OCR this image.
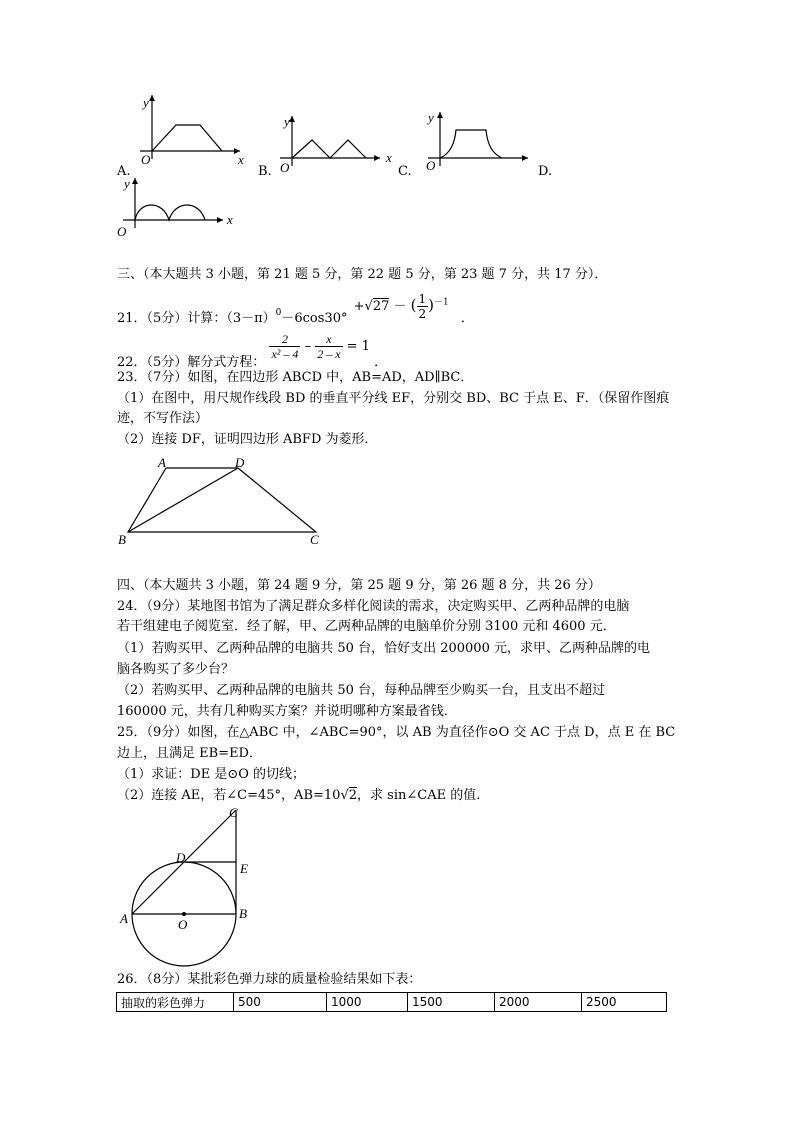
y
O	x
A.
y
O
x
B.
y
O
C.	D.
y
O
x
三、（本大题共 3 小题，第 21 题 5 分，第 22 题 5 分，第 23 题 7 分，共 17 分）．
21．（5分）计算：$(3-\pi)^0-6\cos 30^\circ +√27$ － ( $\frac{1}{2} )^{-1}$ ．
22．（5分）解分式方程：
$\frac{2}{\text{x² – 4}} - \frac{x}{2 - x} = 1$ ．
23．（7分）如图，在四边形 ABCD 中，AB=AD，AD∥BC．
（1）在图中，用尺规作线段 BD 的垂直平分线 EF，分别交 BD、BC 于点 E、F．（保留作图痕
迹，不写作法）
（2）连接 DF，证明四边形 ABFD 为菱形．
A	D
B	C
四、（本大题共 3 小题，第 24 题 9 分，第 25 题 9 分，第 26 题 8 分，共 26 分）
24．（9分）某地图书馆为了满足群众多样化阅读的需求，决定购买甲、乙两种品牌的电脑
若干组建电子阅览室．经了解，甲、乙两种品牌的电脑单价分别 3100 元和 4600 元．
（1）若购买甲、乙两种品牌的电脑共 50 台，恰好支出 200000 元，求甲、乙两种品牌的电
脑各购买了多少台？
（2）若购买甲、乙两种品牌的电脑共 50 台，每种品牌至少购买一台，且支出不超过
160000 元，共有几种购买方案？并说明哪种方案最省钱．
25．（9分）如图，在△ABC 中，∠ABC=90°，以 AB 为直径作⊙O 交 AC 于点 D，点 E 在 BC
边上，且满足 EB=ED．
（1）求证：DE 是⊙O 的切线；
（2）连接 AE，若∠C=45°，AB=10√2，求 sin∠CAE 的值．
C
D
E
A	B
O
26．（8分）某批彩色弹力球的质量检验结果如下表：
抽取的彩色弹力	500	1000	1500	2000	2500
